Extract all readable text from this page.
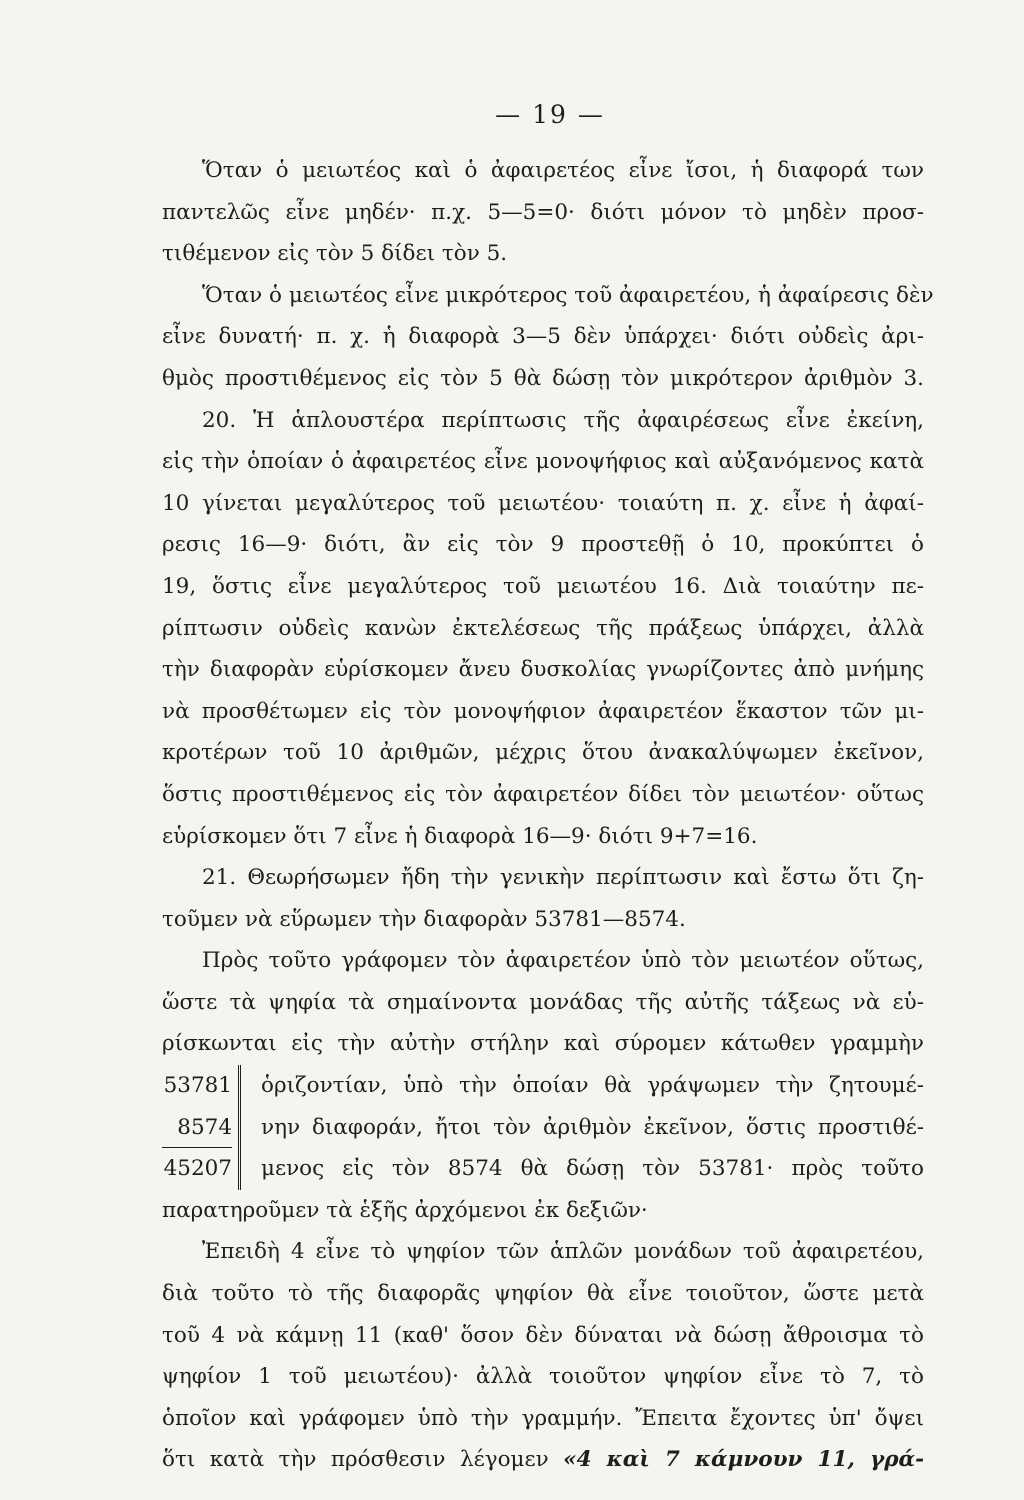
— 19 —
Ὅταν ὁ μειωτέος καὶ ὁ ἀφαιρετέος εἶνε ἴσοι, ἡ διαφορά των
παντελῶς εἶνε μηδέν· π.χ. 5—5=0· διότι μόνον τὸ μηδὲν προσ-
τιθέμενον εἰς τὸν 5 δίδει τὸν 5.
Ὅταν ὁ μειωτέος εἶνε μικρότερος τοῦ ἀφαιρετέου, ἡ ἀφαίρεσις δὲν
εἶνε δυνατή· π. χ. ἡ διαφορὰ 3—5 δὲν ὑπάρχει· διότι οὐδεὶς ἀρι-
θμὸς προστιθέμενος εἰς τὸν 5 θὰ δώσῃ τὸν μικρότερον ἀριθμὸν 3.
20. Ἡ ἁπλουστέρα περίπτωσις τῆς ἀφαιρέσεως εἶνε ἐκείνη,
εἰς τὴν ὁποίαν ὁ ἀφαιρετέος εἶνε μονοψήφιος καὶ αὐξανόμενος κατὰ
10 γίνεται μεγαλύτερος τοῦ μειωτέου· τοιαύτη π. χ. εἶνε ἡ ἀφαί-
ρεσις 16—9· διότι, ἂν εἰς τὸν 9 προστεθῇ ὁ 10, προκύπτει ὁ
19, ὅστις εἶνε μεγαλύτερος τοῦ μειωτέου 16. Διὰ τοιαύτην πε-
ρίπτωσιν οὐδεὶς κανὼν ἐκτελέσεως τῆς πράξεως ὑπάρχει, ἀλλὰ
τὴν διαφορὰν εὑρίσκομεν ἄνευ δυσκολίας γνωρίζοντες ἀπὸ μνήμης
νὰ προσθέτωμεν εἰς τὸν μονοψήφιον ἀφαιρετέον ἕκαστον τῶν μι-
κροτέρων τοῦ 10 ἀριθμῶν, μέχρις ὅτου ἀνακαλύψωμεν ἐκεῖνον,
ὅστις προστιθέμενος εἰς τὸν ἀφαιρετέον δίδει τὸν μειωτέον· οὕτως
εὑρίσκομεν ὅτι 7 εἶνε ἡ διαφορὰ 16—9· διότι 9+7=16.
21. Θεωρήσωμεν ἤδη τὴν γενικὴν περίπτωσιν καὶ ἔστω ὅτι ζη-
τοῦμεν νὰ εὕρωμεν τὴν διαφορὰν 53781—8574.
Πρὸς τοῦτο γράφομεν τὸν ἀφαιρετέον ὑπὸ τὸν μειωτέον οὕτως,
ὥστε τὰ ψηφία τὰ σημαίνοντα μονάδας τῆς αὐτῆς τάξεως νὰ εὑ-
ρίσκωνται εἰς τὴν αὐτὴν στήλην καὶ σύρομεν κάτωθεν γραμμὴν
53781
8574
45207
ὁριζοντίαν, ὑπὸ τὴν ὁποίαν θὰ γράψωμεν τὴν ζητουμέ-
νην διαφοράν, ἤτοι τὸν ἀριθμὸν ἐκεῖνον, ὅστις προστιθέ-
μενος εἰς τὸν 8574 θὰ δώσῃ τὸν 53781· πρὸς τοῦτο
παρατηροῦμεν τὰ ἑξῆς ἀρχόμενοι ἐκ δεξιῶν·
Ἐπειδὴ 4 εἶνε τὸ ψηφίον τῶν ἁπλῶν μονάδων τοῦ ἀφαιρετέου,
διὰ τοῦτο τὸ τῆς διαφορᾶς ψηφίον θὰ εἶνε τοιοῦτον, ὥστε μετὰ
τοῦ 4 νὰ κάμνῃ 11 (καθ' ὅσον δὲν δύναται νὰ δώσῃ ἄθροισμα τὸ
ψηφίον 1 τοῦ μειωτέου)· ἀλλὰ τοιοῦτον ψηφίον εἶνε τὸ 7, τὸ
ὁποῖον καὶ γράφομεν ὑπὸ τὴν γραμμήν. Ἔπειτα ἔχοντες ὑπ' ὄψει
ὅτι κατὰ τὴν πρόσθεσιν λέγομεν «4 καὶ 7 κάμνουν 11, γρά-
